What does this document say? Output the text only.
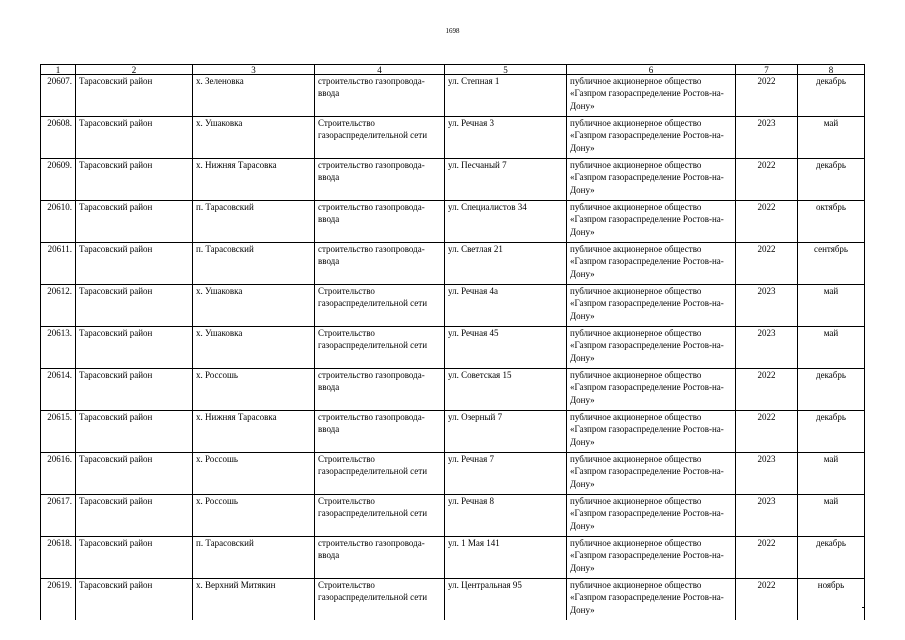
1698
1	2	3	4	5	6	7	8
20607.	Тарасовский район	х. Зеленовка	строительство газопровода-ввода	ул. Степная 1	публичное акционерное общество «Газпром газораспределение Ростов-на-Дону»	2022	декабрь
20608.	Тарасовский район	х. Ушаковка	Строительство газораспределительной сети	ул. Речная 3	публичное акционерное общество «Газпром газораспределение Ростов-на-Дону»	2023	май
20609.	Тарасовский район	х. Нижняя Тарасовка	строительство газопровода-ввода	ул. Песчаный 7	публичное акционерное общество «Газпром газораспределение Ростов-на-Дону»	2022	декабрь
20610.	Тарасовский район	п. Тарасовский	строительство газопровода-ввода	ул. Специалистов 34	публичное акционерное общество «Газпром газораспределение Ростов-на-Дону»	2022	октябрь
20611.	Тарасовский район	п. Тарасовский	строительство газопровода-ввода	ул. Светлая 21	публичное акционерное общество «Газпром газораспределение Ростов-на-Дону»	2022	сентябрь
20612.	Тарасовский район	х. Ушаковка	Строительство газораспределительной сети	ул. Речная 4а	публичное акционерное общество «Газпром газораспределение Ростов-на-Дону»	2023	май
20613.	Тарасовский район	х. Ушаковка	Строительство газораспределительной сети	ул. Речная 45	публичное акционерное общество «Газпром газораспределение Ростов-на-Дону»	2023	май
20614.	Тарасовский район	х. Россошь	строительство газопровода-ввода	ул. Советская 15	публичное акционерное общество «Газпром газораспределение Ростов-на-Дону»	2022	декабрь
20615.	Тарасовский район	х. Нижняя Тарасовка	строительство газопровода-ввода	ул. Озерный 7	публичное акционерное общество «Газпром газораспределение Ростов-на-Дону»	2022	декабрь
20616.	Тарасовский район	х. Россошь	Строительство газораспределительной сети	ул. Речная 7	публичное акционерное общество «Газпром газораспределение Ростов-на-Дону»	2023	май
20617.	Тарасовский район	х. Россошь	Строительство газораспределительной сети	ул. Речная 8	публичное акционерное общество «Газпром газораспределение Ростов-на-Дону»	2023	май
20618.	Тарасовский район	п. Тарасовский	строительство газопровода-ввода	ул. 1 Мая 141	публичное акционерное общество «Газпром газораспределение Ростов-на-Дону»	2022	декабрь
20619.	Тарасовский район	х. Верхний Митякин	Строительство газораспределительной сети	ул. Центральная 95	публичное акционерное общество «Газпром газораспределение Ростов-на-Дону»	2022	ноябрь
